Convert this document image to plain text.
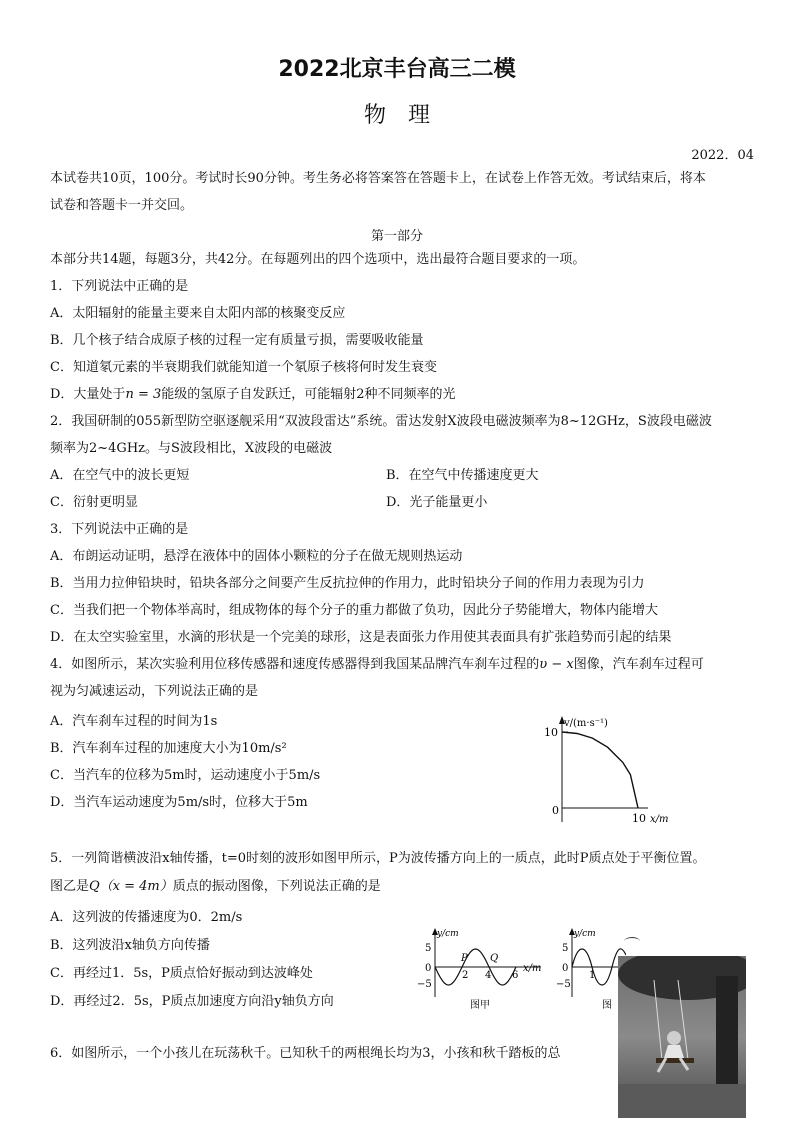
2022北京丰台高三二模
物　理
2022．04
本试卷共10页，100分。考试时长90分钟。考生务必将答案答在答题卡上，在试卷上作答无效。考试结束后，将本
试卷和答题卡一并交回。
第一部分
本部分共14题，每题3分，共42分。在每题列出的四个选项中，选出最符合题目要求的一项。
1．下列说法中正确的是
A．太阳辐射的能量主要来自太阳内部的核聚变反应
B．几个核子结合成原子核的过程一定有质量亏损，需要吸收能量
C．知道氡元素的半衰期我们就能知道一个氡原子核将何时发生衰变
D．大量处于n = 3能级的氢原子自发跃迁，可能辐射2种不同频率的光
2．我国研制的055新型防空驱逐舰采用“双波段雷达”系统。雷达发射X波段电磁波频率为8~12GHz，S波段电磁波
频率为2~4GHz。与S波段相比，X波段的电磁波
A．在空气中的波长更短	B．在空气中传播速度更大
C．衍射更明显	D．光子能量更小
3．下列说法中正确的是
A．布朗运动证明，悬浮在液体中的固体小颗粒的分子在做无规则热运动
B．当用力拉伸铅块时，铅块各部分之间要产生反抗拉伸的作用力，此时铅块分子间的作用力表现为引力
C．当我们把一个物体举高时，组成物体的每个分子的重力都做了负功，因此分子势能增大，物体内能增大
D．在太空实验室里，水滴的形状是一个完美的球形，这是表面张力作用使其表面具有扩张趋势而引起的结果
4．如图所示，某次实验利用位移传感器和速度传感器得到我国某品牌汽车刹车过程的υ − x图像，汽车刹车过程可
视为匀减速运动，下列说法正确的是
A．汽车刹车过程的时间为1s
B．汽车刹车过程的加速度大小为10m/s²
C．当汽车的位移为5m时，运动速度小于5m/s
D．当汽车运动速度为5m/s时，位移大于5m
v/(m·s⁻¹)
10
0
10 x/m
5．一列简谐横波沿x轴传播，t=0时刻的波形如图甲所示，P为波传播方向上的一质点，此时P质点处于平衡位置。
图乙是Q（x = 4m）质点的振动图像，下列说法正确的是
A．这列波的传播速度为0．2m/s
B．这列波沿x轴负方向传播
C．再经过1．5s，P质点恰好振动到达波峰处
D．再经过2．5s，P质点加速度方向沿y轴负方向
y/cm
5
0
−5
2 4 6
x/m
P Q
图甲
y/cm
5
0
−5
1
图
6．如图所示，一个小孩儿在玩荡秋千。已知秋千的两根绳长均为3，小孩和秋千踏板的总
